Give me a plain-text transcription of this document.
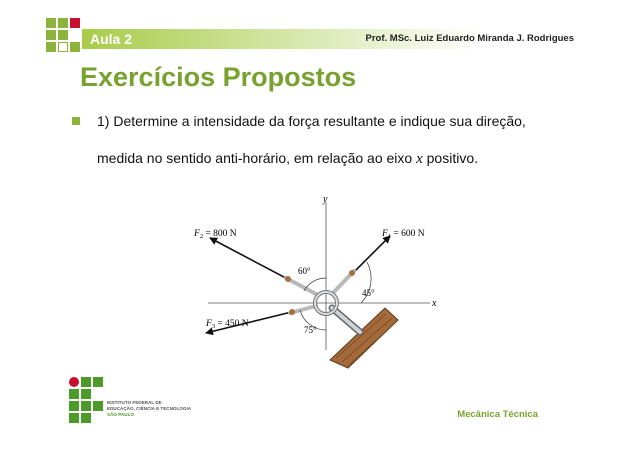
Aula 2	Prof. MSc. Luiz Eduardo Miranda J. Rodrigues
Exercícios Propostos
1) Determine a intensidade da força resultante e indique sua direção,
medida no sentido anti-horário, em relação ao eixo x positivo.
y
x
60°
45°
75°
$F_2 = 800$ N	$F_1 = 600$ N
$F_3 = 450$ N
INSTITUTO FEDERAL DE
EDUCAÇÃO, CIÊNCIA E TECNOLOGIA
SÃO PAULO	Mecânica Técnica
